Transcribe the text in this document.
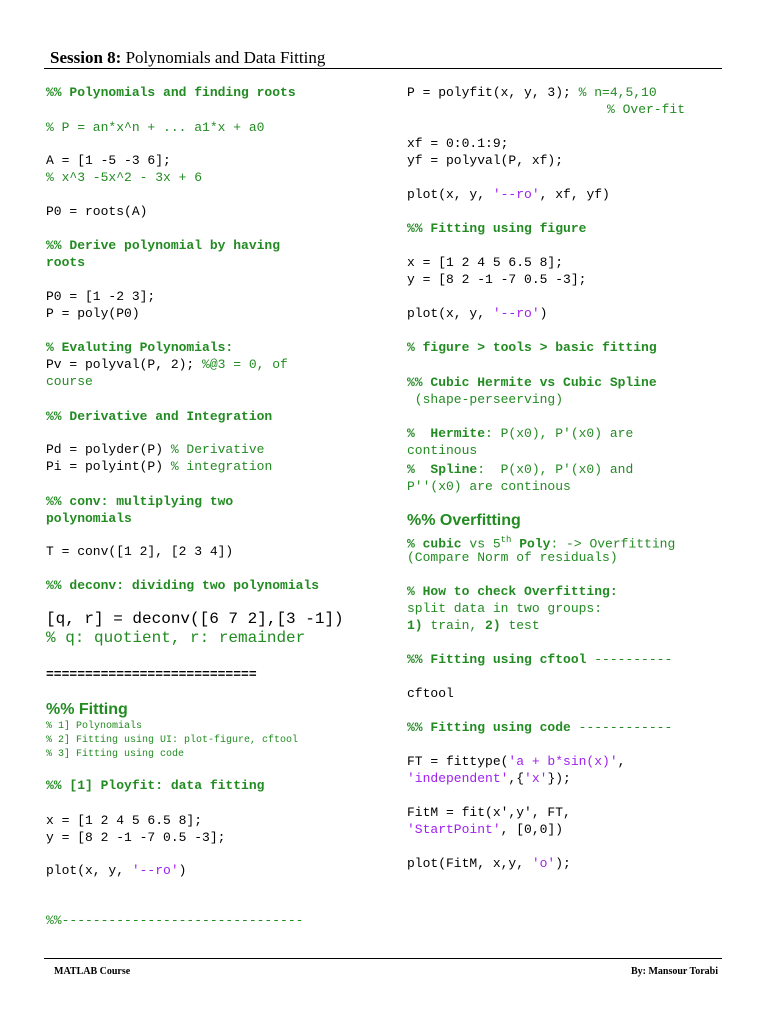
Session 8: Polynomials and Data Fitting
%% Polynomials and finding roots
% P = an*x^n + ... a1*x + a0
A = [1 -5 -3 6];
% x^3 -5x^2 - 3x + 6
P0 = roots(A)
%% Derive polynomial by having
roots
P0 = [1 -2 3];
P = poly(P0)
% Evaluting Polynomials:
Pv = polyval(P, 2); %@3 = 0, of
course
%% Derivative and Integration
Pd = polyder(P) % Derivative
Pi = polyint(P) % integration
%% conv: multiplying two
polynomials
T = conv([1 2], [2 3 4])
%% deconv: dividing two polynomials
[q, r] = deconv([6 7 2],[3 -1])
% q: quotient, r: remainder
===========================
%% Fitting
% 1] Polynomials
% 2] Fitting using UI: plot-figure, cftool
% 3] Fitting using code
%% [1] Ployfit: data fitting
x = [1 2 4 5 6.5 8];
y = [8 2 -1 -7 0.5 -3];
plot(x, y, '--ro')
%%-------------------------------
P = polyfit(x, y, 3); % n=4,5,10
% Over-fit
xf = 0:0.1:9;
yf = polyval(P, xf);
plot(x, y, '--ro', xf, yf)
%% Fitting using figure
x = [1 2 4 5 6.5 8];
y = [8 2 -1 -7 0.5 -3];
plot(x, y, '--ro')
% figure > tools > basic fitting
%% Cubic Hermite vs Cubic Spline
(shape-perseerving)
%  Hermite: P(x0), P'(x0) are
continous
%  Spline:  P(x0), P'(x0) and
P''(x0) are continous
%% Overfitting
% cubic vs 5th Poly: -> Overfitting
(Compare Norm of residuals)
% How to check Overfitting:
split data in two groups:
1) train, 2) test
%% Fitting using cftool ----------
cftool
%% Fitting using code ------------
FT = fittype('a + b*sin(x)',
'independent',{'x'});
FitM = fit(x',y', FT,
'StartPoint', [0,0])
plot(FitM, x,y, 'o');
MATLAB Course	By: Mansour Torabi
